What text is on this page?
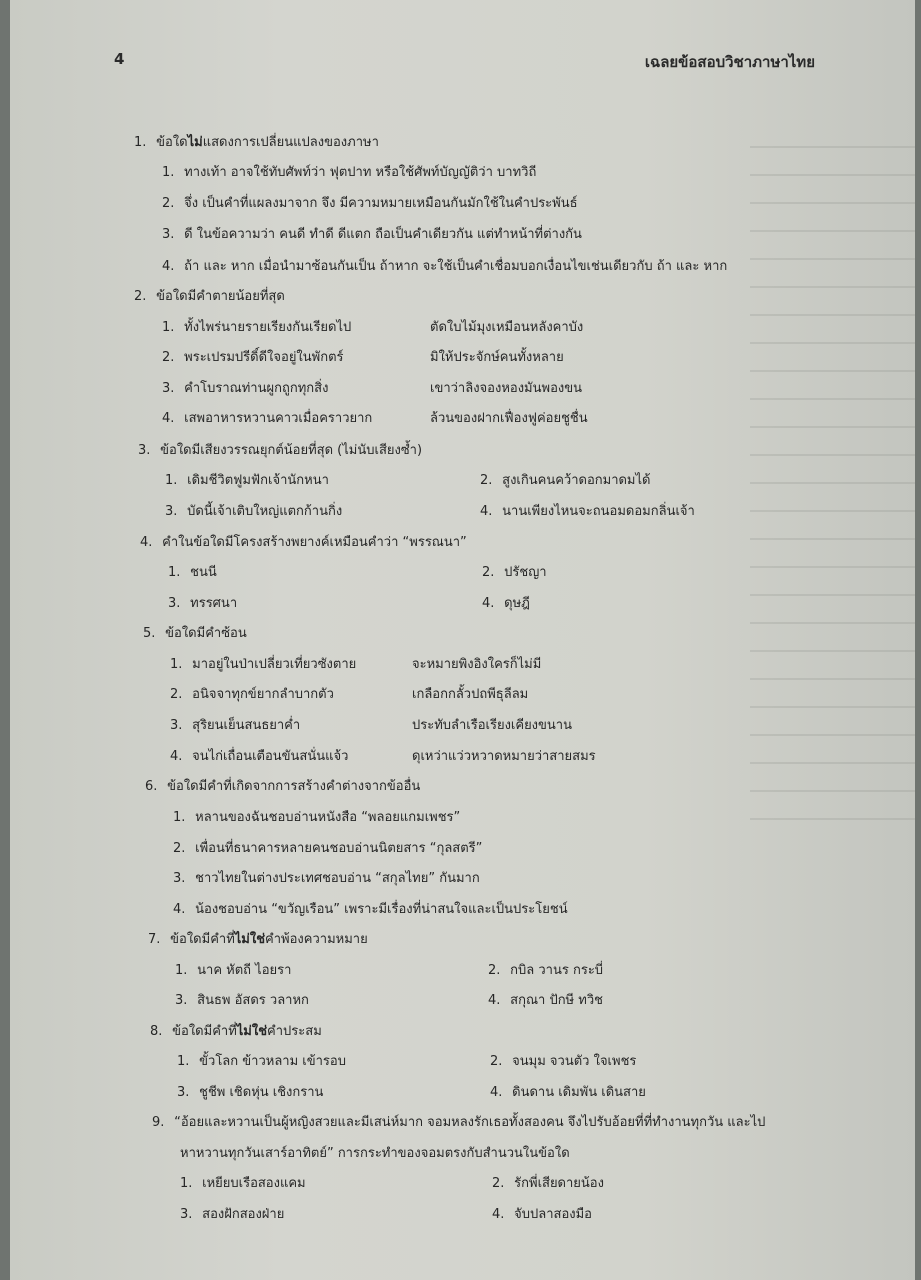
4	เฉลยข้อสอบวิชาภาษาไทย
1. ข้อใดไม่แสดงการเปลี่ยนแปลงของภาษา
1. ทางเท้า อาจใช้ทับศัพท์ว่า ฟุตปาท หรือใช้ศัพท์บัญญัติว่า บาทวิถี
2. จึ่ง เป็นคำที่แผลงมาจาก จึง มีความหมายเหมือนกันมักใช้ในคำประพันธ์
3. ดี ในข้อความว่า คนดี ทำดี ดีแตก ถือเป็นคำเดียวกัน แต่ทำหน้าที่ต่างกัน
4. ถ้า และ หาก เมื่อนำมาซ้อนกันเป็น ถ้าหาก จะใช้เป็นคำเชื่อมบอกเงื่อนไขเช่นเดียวกับ ถ้า และ หาก
2. ข้อใดมีคำตายน้อยที่สุด
1. ทั้งไพร่นายรายเรียงกันเรียดไป	ตัดใบไม้มุงเหมือนหลังคาบัง
2. พระเปรมปรีดิ์ดีใจอยู่ในพักตร์	มิให้ประจักษ์คนทั้งหลาย
3. คำโบราณท่านผูกถูกทุกสิ่ง	เขาว่าลิงจองหองมันพองขน
4. เสพอาหารหวานคาวเมื่อคราวยาก	ล้วนของฝากเฟื่องฟูค่อยชูชื่น
3. ข้อใดมีเสียงวรรณยุกต์น้อยที่สุด (ไม่นับเสียงซ้ำ)
1. เดิมชีวิตฟูมฟักเจ้านักหนา	2. สูงเกินคนคว้าดอกมาดมได้
3. บัดนี้เจ้าเติบใหญ่แตกก้านกิ่ง	4. นานเพียงไหนจะถนอมดอมกลิ่นเจ้า
4. คำในข้อใดมีโครงสร้างพยางค์เหมือนคำว่า “พรรณนา”
1. ชนนี	2. ปรัชญา
3. ทรรศนา	4. ดุษฎี
5. ข้อใดมีคำซ้อน
1. มาอยู่ในป่าเปลี่ยวเที่ยวซังตาย	จะหมายพิงอิงใครก็ไม่มี
2. อนิจจาทุกข์ยากลำบากตัว	เกลือกกลั้วปถพีธุลีลม
3. สุริยนเย็นสนธยาค่ำ	ประทับลำเรือเรียงเคียงขนาน
4. จนไก่เถื่อนเตือนขันสนั่นแจ้ว	ดุเหว่าแว่วหวาดหมายว่าสายสมร
6. ข้อใดมีคำที่เกิดจากการสร้างคำต่างจากข้ออื่น
1. หลานของฉันชอบอ่านหนังสือ “พลอยแกมเพชร”
2. เพื่อนที่ธนาคารหลายคนชอบอ่านนิตยสาร “กุลสตรี”
3. ชาวไทยในต่างประเทศชอบอ่าน “สกุลไทย” กันมาก
4. น้องชอบอ่าน “ขวัญเรือน” เพราะมีเรื่องที่น่าสนใจและเป็นประโยชน์
7. ข้อใดมีคำที่ไม่ใช่คำพ้องความหมาย
1. นาค หัตถี ไอยรา	2. กบิล วานร กระบี่
3. สินธพ อัสดร วลาหก	4. สกุณา ปักษี ทวิช
8. ข้อใดมีคำที่ไม่ใช่คำประสม
1. ขั้วโลก ข้าวหลาม เข้ารอบ	2. จนมุม จวนตัว ใจเพชร
3. ชูชีพ เชิดหุ่น เชิงกราน	4. ดินดาน เดิมพัน เดินสาย
9. “อ้อยและหวานเป็นผู้หญิงสวยและมีเสน่ห์มาก จอมหลงรักเธอทั้งสองคน จึงไปรับอ้อยที่ที่ทำงานทุกวัน และไป
หาหวานทุกวันเสาร์อาทิตย์” การกระทำของจอมตรงกับสำนวนในข้อใด
1. เหยียบเรือสองแคม	2. รักพี่เสียดายน้อง
3. สองฝักสองฝ่าย	4. จับปลาสองมือ
